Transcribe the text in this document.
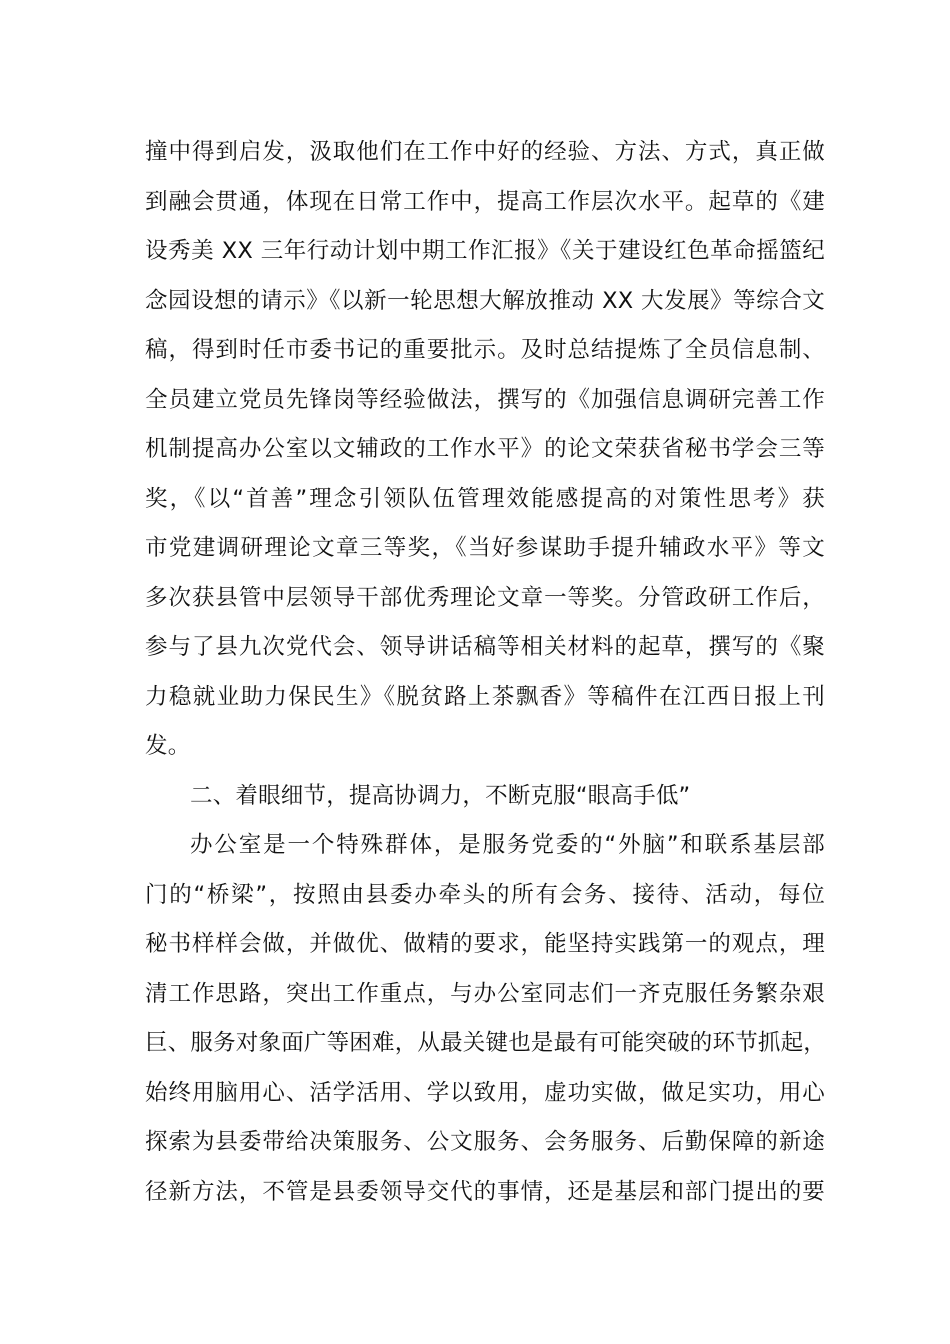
撞中得到启发，汲取他们在工作中好的经验、方法、方式，真正做
到融会贯通，体现在日常工作中，提高工作层次水平。起草的《建
设秀美 XX 三年行动计划中期工作汇报》《关于建设红色革命摇篮纪
念园设想的请示》《以新一轮思想大解放推动 XX 大发展》等综合文
稿，得到时任市委书记的重要批示。及时总结提炼了全员信息制、
全员建立党员先锋岗等经验做法，撰写的《加强信息调研完善工作
机制提高办公室以文辅政的工作水平》的论文荣获省秘书学会三等
奖，《以“首善”理念引领队伍管理效能感提高的对策性思考》获
市党建调研理论文章三等奖，《当好参谋助手提升辅政水平》等文
多次获县管中层领导干部优秀理论文章一等奖。分管政研工作后，
参与了县九次党代会、领导讲话稿等相关材料的起草，撰写的《聚
力稳就业助力保民生》《脱贫路上茶飘香》等稿件在江西日报上刊
发。
二、着眼细节，提高协调力，不断克服“眼高手低”
办公室是一个特殊群体，是服务党委的“外脑”和联系基层部
门的“桥梁”，按照由县委办牵头的所有会务、接待、活动，每位
秘书样样会做，并做优、做精的要求，能坚持实践第一的观点，理
清工作思路，突出工作重点，与办公室同志们一齐克服任务繁杂艰
巨、服务对象面广等困难，从最关键也是最有可能突破的环节抓起，
始终用脑用心、活学活用、学以致用，虚功实做，做足实功，用心
探索为县委带给决策服务、公文服务、会务服务、后勤保障的新途
径新方法，不管是县委领导交代的事情，还是基层和部门提出的要
